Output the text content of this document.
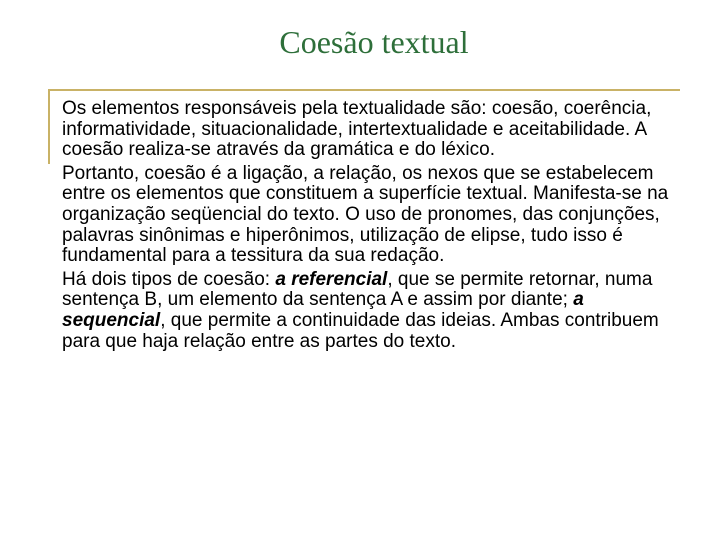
Coesão textual

Os elementos responsáveis pela textualidade são: coesão, coerência, informatividade, situacionalidade, intertextualidade e aceitabilidade. A coesão realiza-se através da gramática e do léxico.

Portanto, coesão é a ligação, a relação, os nexos que se estabelecem entre os elementos que constituem a superfície textual. Manifesta-se na organização seqüencial do texto. O uso de pronomes, das conjunções, palavras sinônimas e hiperônimos, utilização de elipse, tudo isso é fundamental para a tessitura da sua redação.

Há dois tipos de coesão: a referencial, que se permite retornar, numa sentença B, um elemento da sentença A e assim por diante; a sequencial, que permite a continuidade das ideias. Ambas contribuem para que haja relação entre as partes do texto.
